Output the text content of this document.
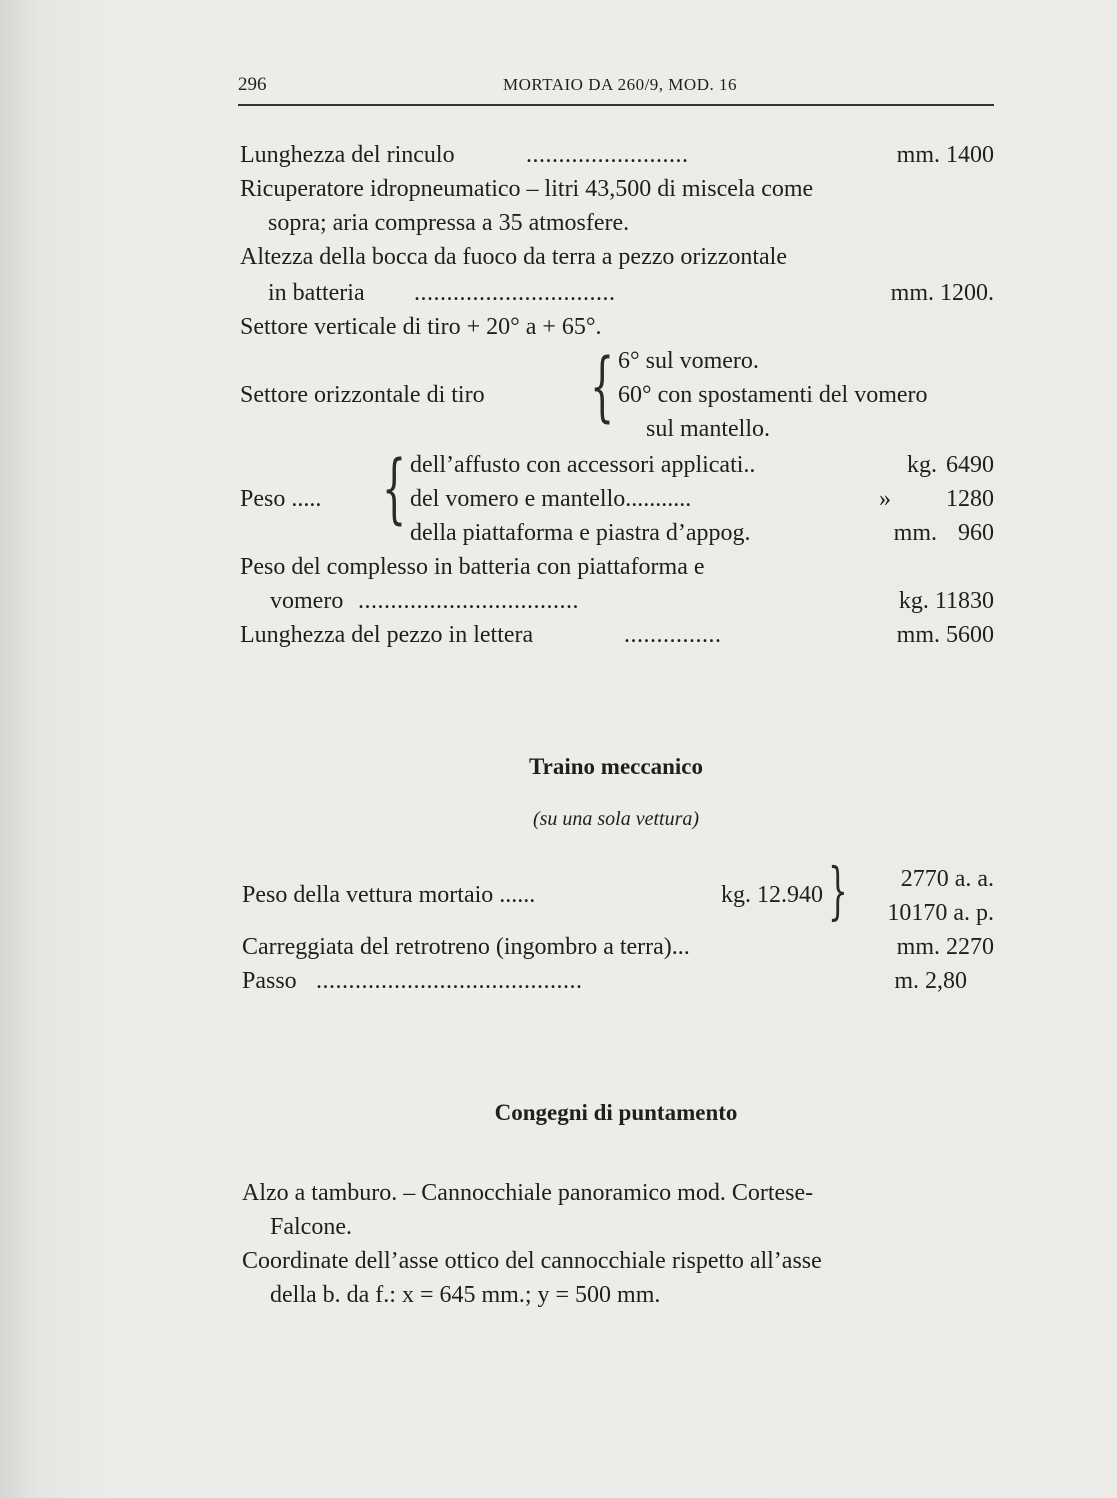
296	MORTAIO DA 260/9, MOD. 16
Lunghezza del rinculo	.........................	mm. 1400
Ricuperatore idropneumatico – litri 43,500 di miscela come
sopra; aria compressa a 35 atmosfere.
Altezza della bocca da fuoco da terra a pezzo orizzontale
in batteria ...............................	mm. 1200.
Settore verticale di tiro + 20° a + 65°.
Settore orizzontale di tiro { 6° sul vomero.
60° con spostamenti del vomero
sul mantello.
Peso ..... { dell’affusto con accessori applicati..	kg. 6490
del vomero e mantello...........	» 1280
della piattaforma e piastra d’appog.	mm. 960
Peso del complesso in batteria con piattaforma e
vomero ..................................	kg. 11830
Lunghezza del pezzo in lettera	...............	mm. 5600
Traino meccanico
(su una sola vettura)
Peso della vettura mortaio ......	kg. 12.940 } 2770 a. a.
10170 a. p.
Carreggiata del retrotreno (ingombro a terra)...	mm. 2270
Passo .........................................	m. 2,80
Congegni di puntamento
Alzo a tamburo. – Cannocchiale panoramico mod. Cortese-
Falcone.
Coordinate dell’asse ottico del cannocchiale rispetto all’asse
della b. da f.: x = 645 mm.; y = 500 mm.
